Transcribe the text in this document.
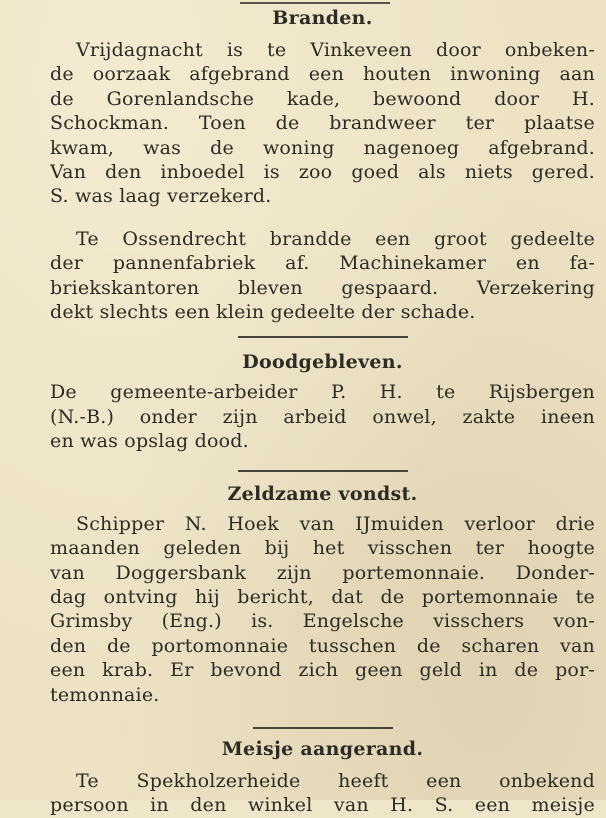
Branden.

Vrijdagnacht is te Vinkeveen door onbeken-
de oorzaak afgebrand een houten inwoning aan
de Gorenlandsche kade, bewoond door H.
Schockman. Toen de brandweer ter plaatse
kwam, was de woning nagenoeg afgebrand.
Van den inboedel is zoo goed als niets gered.
S. was laag verzekerd.

Te Ossendrecht brandde een groot gedeelte
der pannenfabriek af. Machinekamer en fa-
briekskantoren bleven gespaard. Verzekering
dekt slechts een klein gedeelte der schade.

Doodgebleven.

De gemeente-arbeider P. H. te Rijsbergen
(N.-B.) onder zijn arbeid onwel, zakte ineen
en was opslag dood.

Zeldzame vondst.

Schipper N. Hoek van IJmuiden verloor drie
maanden geleden bij het visschen ter hoogte
van Doggersbank zijn portemonnaie. Donder-
dag ontving hij bericht, dat de portemonnaie te
Grimsby (Eng.) is. Engelsche visschers von-
den de portomonnaie tusschen de scharen van
een krab. Er bevond zich geen geld in de por-
temonnaie.

Meisje aangerand.

Te Spekholzerheide heeft een onbekend
persoon in den winkel van H. S. een meisje
